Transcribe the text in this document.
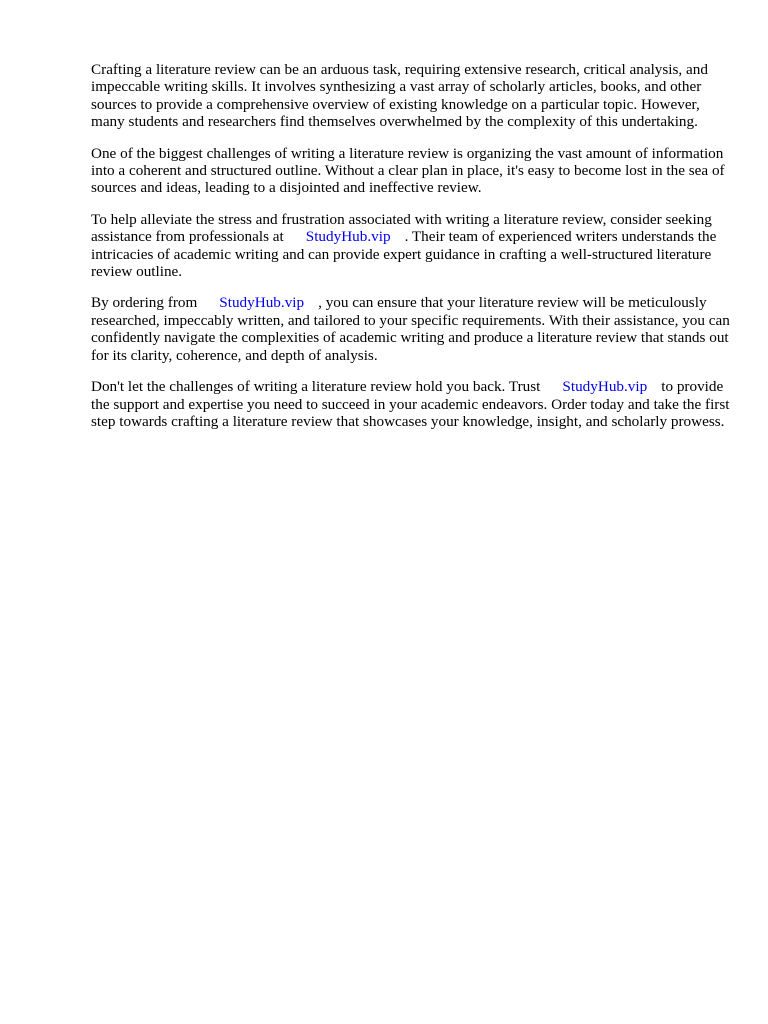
Crafting a literature review can be an arduous task, requiring extensive research, critical analysis, and impeccable writing skills. It involves synthesizing a vast array of scholarly articles, books, and other sources to provide a comprehensive overview of existing knowledge on a particular topic. However, many students and researchers find themselves overwhelmed by the complexity of this undertaking.

One of the biggest challenges of writing a literature review is organizing the vast amount of information into a coherent and structured outline. Without a clear plan in place, it's easy to become lost in the sea of sources and ideas, leading to a disjointed and ineffective review.

To help alleviate the stress and frustration associated with writing a literature review, consider seeking assistance from professionals at StudyHub.vip . Their team of experienced writers understands the intricacies of academic writing and can provide expert guidance in crafting a well-structured literature review outline.

By ordering from StudyHub.vip , you can ensure that your literature review will be meticulously researched, impeccably written, and tailored to your specific requirements. With their assistance, you can confidently navigate the complexities of academic writing and produce a literature review that stands out for its clarity, coherence, and depth of analysis.

Don't let the challenges of writing a literature review hold you back. Trust StudyHub.vip to provide the support and expertise you need to succeed in your academic endeavors. Order today and take the first step towards crafting a literature review that showcases your knowledge, insight, and scholarly prowess.
